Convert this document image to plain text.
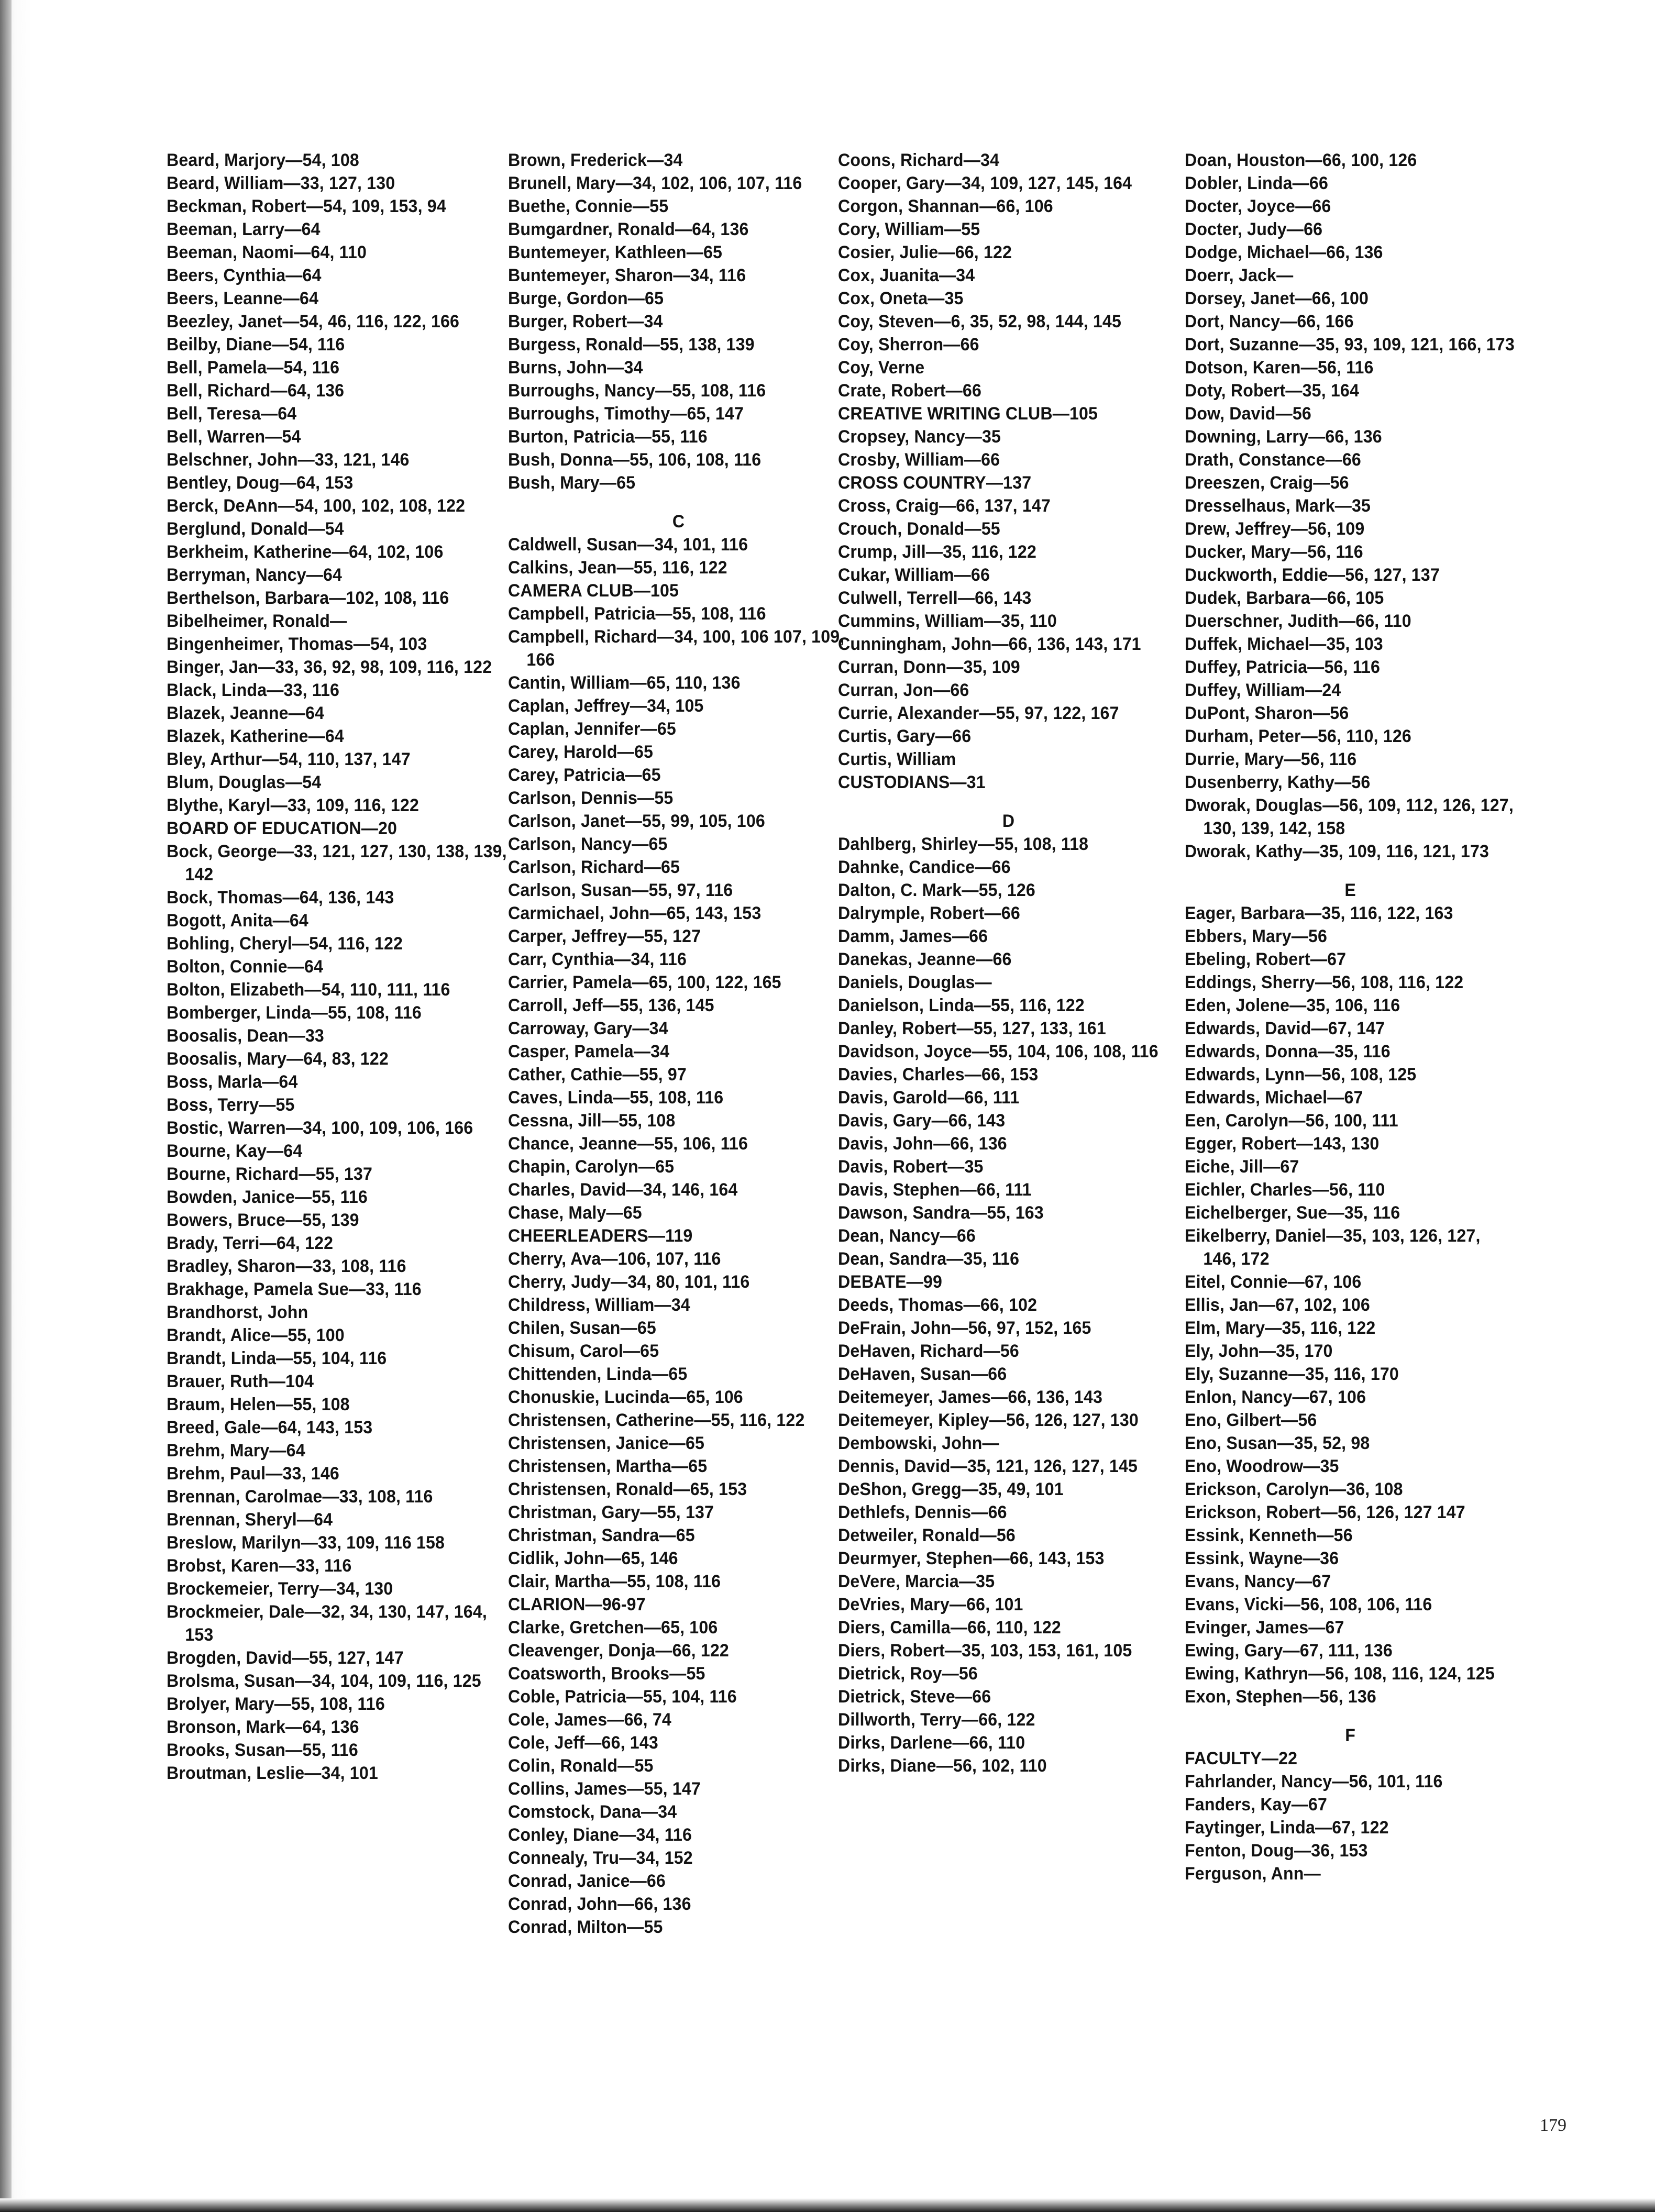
Beard, Marjory—54, 108
Beard, William—33, 127, 130
Beckman, Robert—54, 109, 153, 94
Beeman, Larry—64
Beeman, Naomi—64, 110
Beers, Cynthia—64
Beers, Leanne—64
Beezley, Janet—54, 46, 116, 122, 166
Beilby, Diane—54, 116
Bell, Pamela—54, 116
Bell, Richard—64, 136
Bell, Teresa—64
Bell, Warren—54
Belschner, John—33, 121, 146
Bentley, Doug—64, 153
Berck, DeAnn—54, 100, 102, 108, 122
Berglund, Donald—54
Berkheim, Katherine—64, 102, 106
Berryman, Nancy—64
Berthelson, Barbara—102, 108, 116
Bibelheimer, Ronald—
Bingenheimer, Thomas—54, 103
Binger, Jan—33, 36, 92, 98, 109, 116, 122
Black, Linda—33, 116
Blazek, Jeanne—64
Blazek, Katherine—64
Bley, Arthur—54, 110, 137, 147
Blum, Douglas—54
Blythe, Karyl—33, 109, 116, 122
BOARD OF EDUCATION—20
Bock, George—33, 121, 127, 130, 138, 139, 142
Bock, Thomas—64, 136, 143
Bogott, Anita—64
Bohling, Cheryl—54, 116, 122
Bolton, Connie—64
Bolton, Elizabeth—54, 110, 111, 116
Bomberger, Linda—55, 108, 116
Boosalis, Dean—33
Boosalis, Mary—64, 83, 122
Boss, Marla—64
Boss, Terry—55
Bostic, Warren—34, 100, 109, 106, 166
Bourne, Kay—64
Bourne, Richard—55, 137
Bowden, Janice—55, 116
Bowers, Bruce—55, 139
Brady, Terri—64, 122
Bradley, Sharon—33, 108, 116
Brakhage, Pamela Sue—33, 116
Brandhorst, John
Brandt, Alice—55, 100
Brandt, Linda—55, 104, 116
Brauer, Ruth—104
Braum, Helen—55, 108
Breed, Gale—64, 143, 153
Brehm, Mary—64
Brehm, Paul—33, 146
Brennan, Carolmae—33, 108, 116
Brennan, Sheryl—64
Breslow, Marilyn—33, 109, 116 158
Brobst, Karen—33, 116
Brockemeier, Terry—34, 130
Brockmeier, Dale—32, 34, 130, 147, 164, 153
Brogden, David—55, 127, 147
Brolsma, Susan—34, 104, 109, 116, 125
Brolyer, Mary—55, 108, 116
Bronson, Mark—64, 136
Brooks, Susan—55, 116
Broutman, Leslie—34, 101
Brown, Frederick—34
Brunell, Mary—34, 102, 106, 107, 116
Buethe, Connie—55
Bumgardner, Ronald—64, 136
Buntemeyer, Kathleen—65
Buntemeyer, Sharon—34, 116
Burge, Gordon—65
Burger, Robert—34
Burgess, Ronald—55, 138, 139
Burns, John—34
Burroughs, Nancy—55, 108, 116
Burroughs, Timothy—65, 147
Burton, Patricia—55, 116
Bush, Donna—55, 106, 108, 116
Bush, Mary—65
C
Caldwell, Susan—34, 101, 116
Calkins, Jean—55, 116, 122
CAMERA CLUB—105
Campbell, Patricia—55, 108, 116
Campbell, Richard—34, 100, 106 107, 109, 166
Cantin, William—65, 110, 136
Caplan, Jeffrey—34, 105
Caplan, Jennifer—65
Carey, Harold—65
Carey, Patricia—65
Carlson, Dennis—55
Carlson, Janet—55, 99, 105, 106
Carlson, Nancy—65
Carlson, Richard—65
Carlson, Susan—55, 97, 116
Carmichael, John—65, 143, 153
Carper, Jeffrey—55, 127
Carr, Cynthia—34, 116
Carrier, Pamela—65, 100, 122, 165
Carroll, Jeff—55, 136, 145
Carroway, Gary—34
Casper, Pamela—34
Cather, Cathie—55, 97
Caves, Linda—55, 108, 116
Cessna, Jill—55, 108
Chance, Jeanne—55, 106, 116
Chapin, Carolyn—65
Charles, David—34, 146, 164
Chase, Maly—65
CHEERLEADERS—119
Cherry, Ava—106, 107, 116
Cherry, Judy—34, 80, 101, 116
Childress, William—34
Chilen, Susan—65
Chisum, Carol—65
Chittenden, Linda—65
Chonuskie, Lucinda—65, 106
Christensen, Catherine—55, 116, 122
Christensen, Janice—65
Christensen, Martha—65
Christensen, Ronald—65, 153
Christman, Gary—55, 137
Christman, Sandra—65
Cidlik, John—65, 146
Clair, Martha—55, 108, 116
CLARION—96-97
Clarke, Gretchen—65, 106
Cleavenger, Donja—66, 122
Coatsworth, Brooks—55
Coble, Patricia—55, 104, 116
Cole, James—66, 74
Cole, Jeff—66, 143
Colin, Ronald—55
Collins, James—55, 147
Comstock, Dana—34
Conley, Diane—34, 116
Connealy, Tru—34, 152
Conrad, Janice—66
Conrad, John—66, 136
Conrad, Milton—55
Coons, Richard—34
Cooper, Gary—34, 109, 127, 145, 164
Corgon, Shannan—66, 106
Cory, William—55
Cosier, Julie—66, 122
Cox, Juanita—34
Cox, Oneta—35
Coy, Steven—6, 35, 52, 98, 144, 145
Coy, Sherron—66
Coy, Verne
Crate, Robert—66
CREATIVE WRITING CLUB—105
Cropsey, Nancy—35
Crosby, William—66
CROSS COUNTRY—137
Cross, Craig—66, 137, 147
Crouch, Donald—55
Crump, Jill—35, 116, 122
Cukar, William—66
Culwell, Terrell—66, 143
Cummins, William—35, 110
Cunningham, John—66, 136, 143, 171
Curran, Donn—35, 109
Curran, Jon—66
Currie, Alexander—55, 97, 122, 167
Curtis, Gary—66
Curtis, William
CUSTODIANS—31
D
Dahlberg, Shirley—55, 108, 118
Dahnke, Candice—66
Dalton, C. Mark—55, 126
Dalrymple, Robert—66
Damm, James—66
Danekas, Jeanne—66
Daniels, Douglas—
Danielson, Linda—55, 116, 122
Danley, Robert—55, 127, 133, 161
Davidson, Joyce—55, 104, 106, 108, 116
Davies, Charles—66, 153
Davis, Garold—66, 111
Davis, Gary—66, 143
Davis, John—66, 136
Davis, Robert—35
Davis, Stephen—66, 111
Dawson, Sandra—55, 163
Dean, Nancy—66
Dean, Sandra—35, 116
DEBATE—99
Deeds, Thomas—66, 102
DeFrain, John—56, 97, 152, 165
DeHaven, Richard—56
DeHaven, Susan—66
Deitemeyer, James—66, 136, 143
Deitemeyer, Kipley—56, 126, 127, 130
Dembowski, John—
Dennis, David—35, 121, 126, 127, 145
DeShon, Gregg—35, 49, 101
Dethlefs, Dennis—66
Detweiler, Ronald—56
Deurmyer, Stephen—66, 143, 153
DeVere, Marcia—35
DeVries, Mary—66, 101
Diers, Camilla—66, 110, 122
Diers, Robert—35, 103, 153, 161, 105
Dietrick, Roy—56
Dietrick, Steve—66
Dillworth, Terry—66, 122
Dirks, Darlene—66, 110
Dirks, Diane—56, 102, 110
Doan, Houston—66, 100, 126
Dobler, Linda—66
Docter, Joyce—66
Docter, Judy—66
Dodge, Michael—66, 136
Doerr, Jack—
Dorsey, Janet—66, 100
Dort, Nancy—66, 166
Dort, Suzanne—35, 93, 109, 121, 166, 173
Dotson, Karen—56, 116
Doty, Robert—35, 164
Dow, David—56
Downing, Larry—66, 136
Drath, Constance—66
Dreeszen, Craig—56
Dresselhaus, Mark—35
Drew, Jeffrey—56, 109
Ducker, Mary—56, 116
Duckworth, Eddie—56, 127, 137
Dudek, Barbara—66, 105
Duerschner, Judith—66, 110
Duffek, Michael—35, 103
Duffey, Patricia—56, 116
Duffey, William—24
DuPont, Sharon—56
Durham, Peter—56, 110, 126
Durrie, Mary—56, 116
Dusenberry, Kathy—56
Dworak, Douglas—56, 109, 112, 126, 127, 130, 139, 142, 158
Dworak, Kathy—35, 109, 116, 121, 173
E
Eager, Barbara—35, 116, 122, 163
Ebbers, Mary—56
Ebeling, Robert—67
Eddings, Sherry—56, 108, 116, 122
Eden, Jolene—35, 106, 116
Edwards, David—67, 147
Edwards, Donna—35, 116
Edwards, Lynn—56, 108, 125
Edwards, Michael—67
Een, Carolyn—56, 100, 111
Egger, Robert—143, 130
Eiche, Jill—67
Eichler, Charles—56, 110
Eichelberger, Sue—35, 116
Eikelberry, Daniel—35, 103, 126, 127, 146, 172
Eitel, Connie—67, 106
Ellis, Jan—67, 102, 106
Elm, Mary—35, 116, 122
Ely, John—35, 170
Ely, Suzanne—35, 116, 170
Enlon, Nancy—67, 106
Eno, Gilbert—56
Eno, Susan—35, 52, 98
Eno, Woodrow—35
Erickson, Carolyn—36, 108
Erickson, Robert—56, 126, 127 147
Essink, Kenneth—56
Essink, Wayne—36
Evans, Nancy—67
Evans, Vicki—56, 108, 106, 116
Evinger, James—67
Ewing, Gary—67, 111, 136
Ewing, Kathryn—56, 108, 116, 124, 125
Exon, Stephen—56, 136
F
FACULTY—22
Fahrlander, Nancy—56, 101, 116
Fanders, Kay—67
Faytinger, Linda—67, 122
Fenton, Doug—36, 153
Ferguson, Ann—
179
